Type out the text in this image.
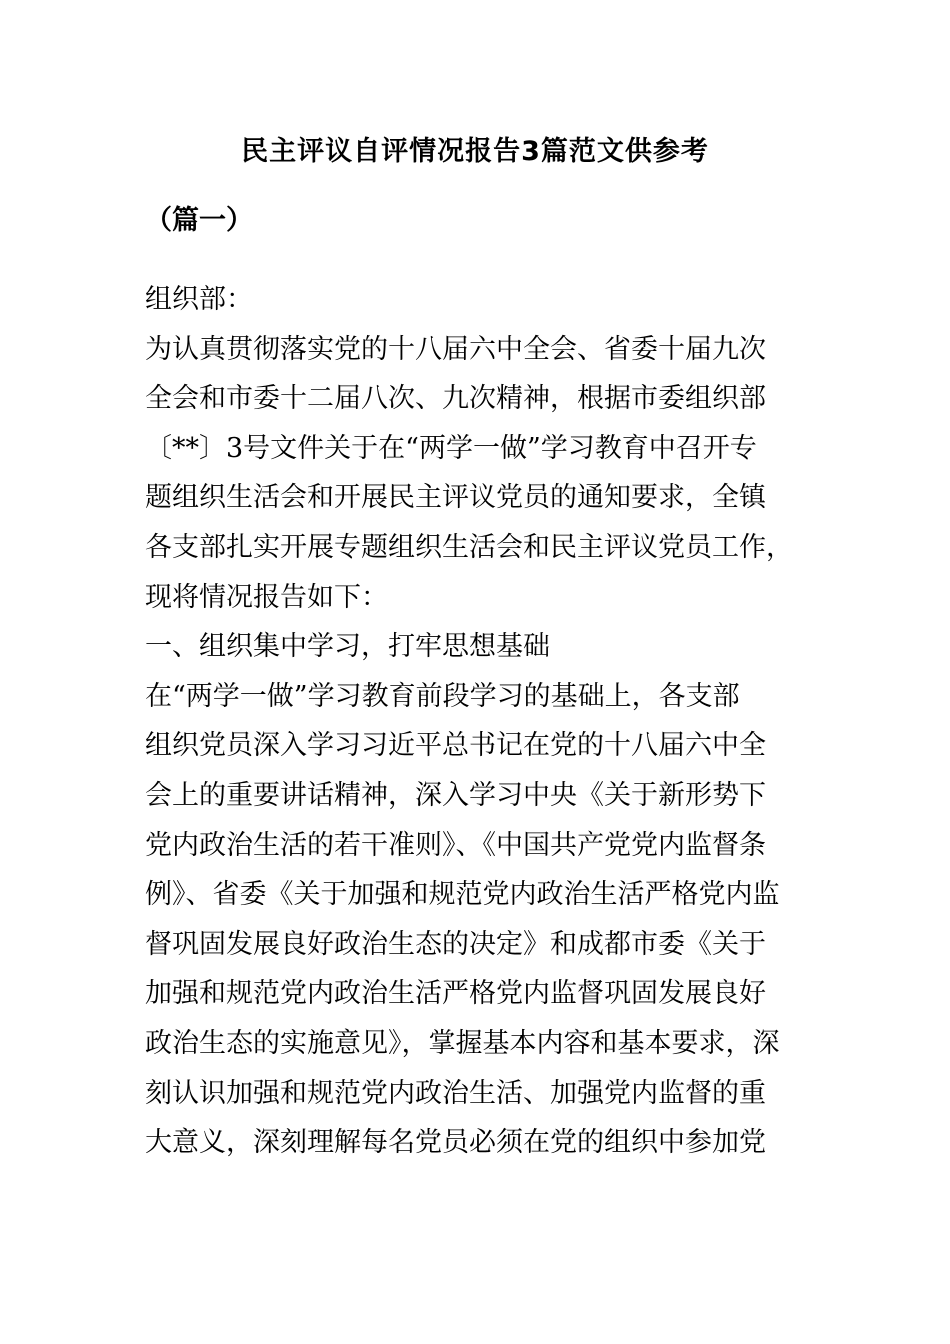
民主评议自评情况报告3篇范文供参考
（篇一）
组织部：
为认真贯彻落实党的十八届六中全会、省委十届九次
全会和市委十二届八次、九次精神，根据市委组织部
〔**〕3号文件关于在“两学一做”学习教育中召开专
题组织生活会和开展民主评议党员的通知要求，全镇
各支部扎实开展专题组织生活会和民主评议党员工作，
现将情况报告如下：
一、组织集中学习，打牢思想基础
在“两学一做”学习教育前段学习的基础上，各支部
组织党员深入学习习近平总书记在党的十八届六中全
会上的重要讲话精神，深入学习中央《关于新形势下
党内政治生活的若干准则》、《中国共产党党内监督条
例》、省委《关于加强和规范党内政治生活严格党内监
督巩固发展良好政治生态的决定》和成都市委《关于
加强和规范党内政治生活严格党内监督巩固发展良好
政治生态的实施意见》，掌握基本内容和基本要求，深
刻认识加强和规范党内政治生活、加强党内监督的重
大意义，深刻理解每名党员必须在党的组织中参加党
